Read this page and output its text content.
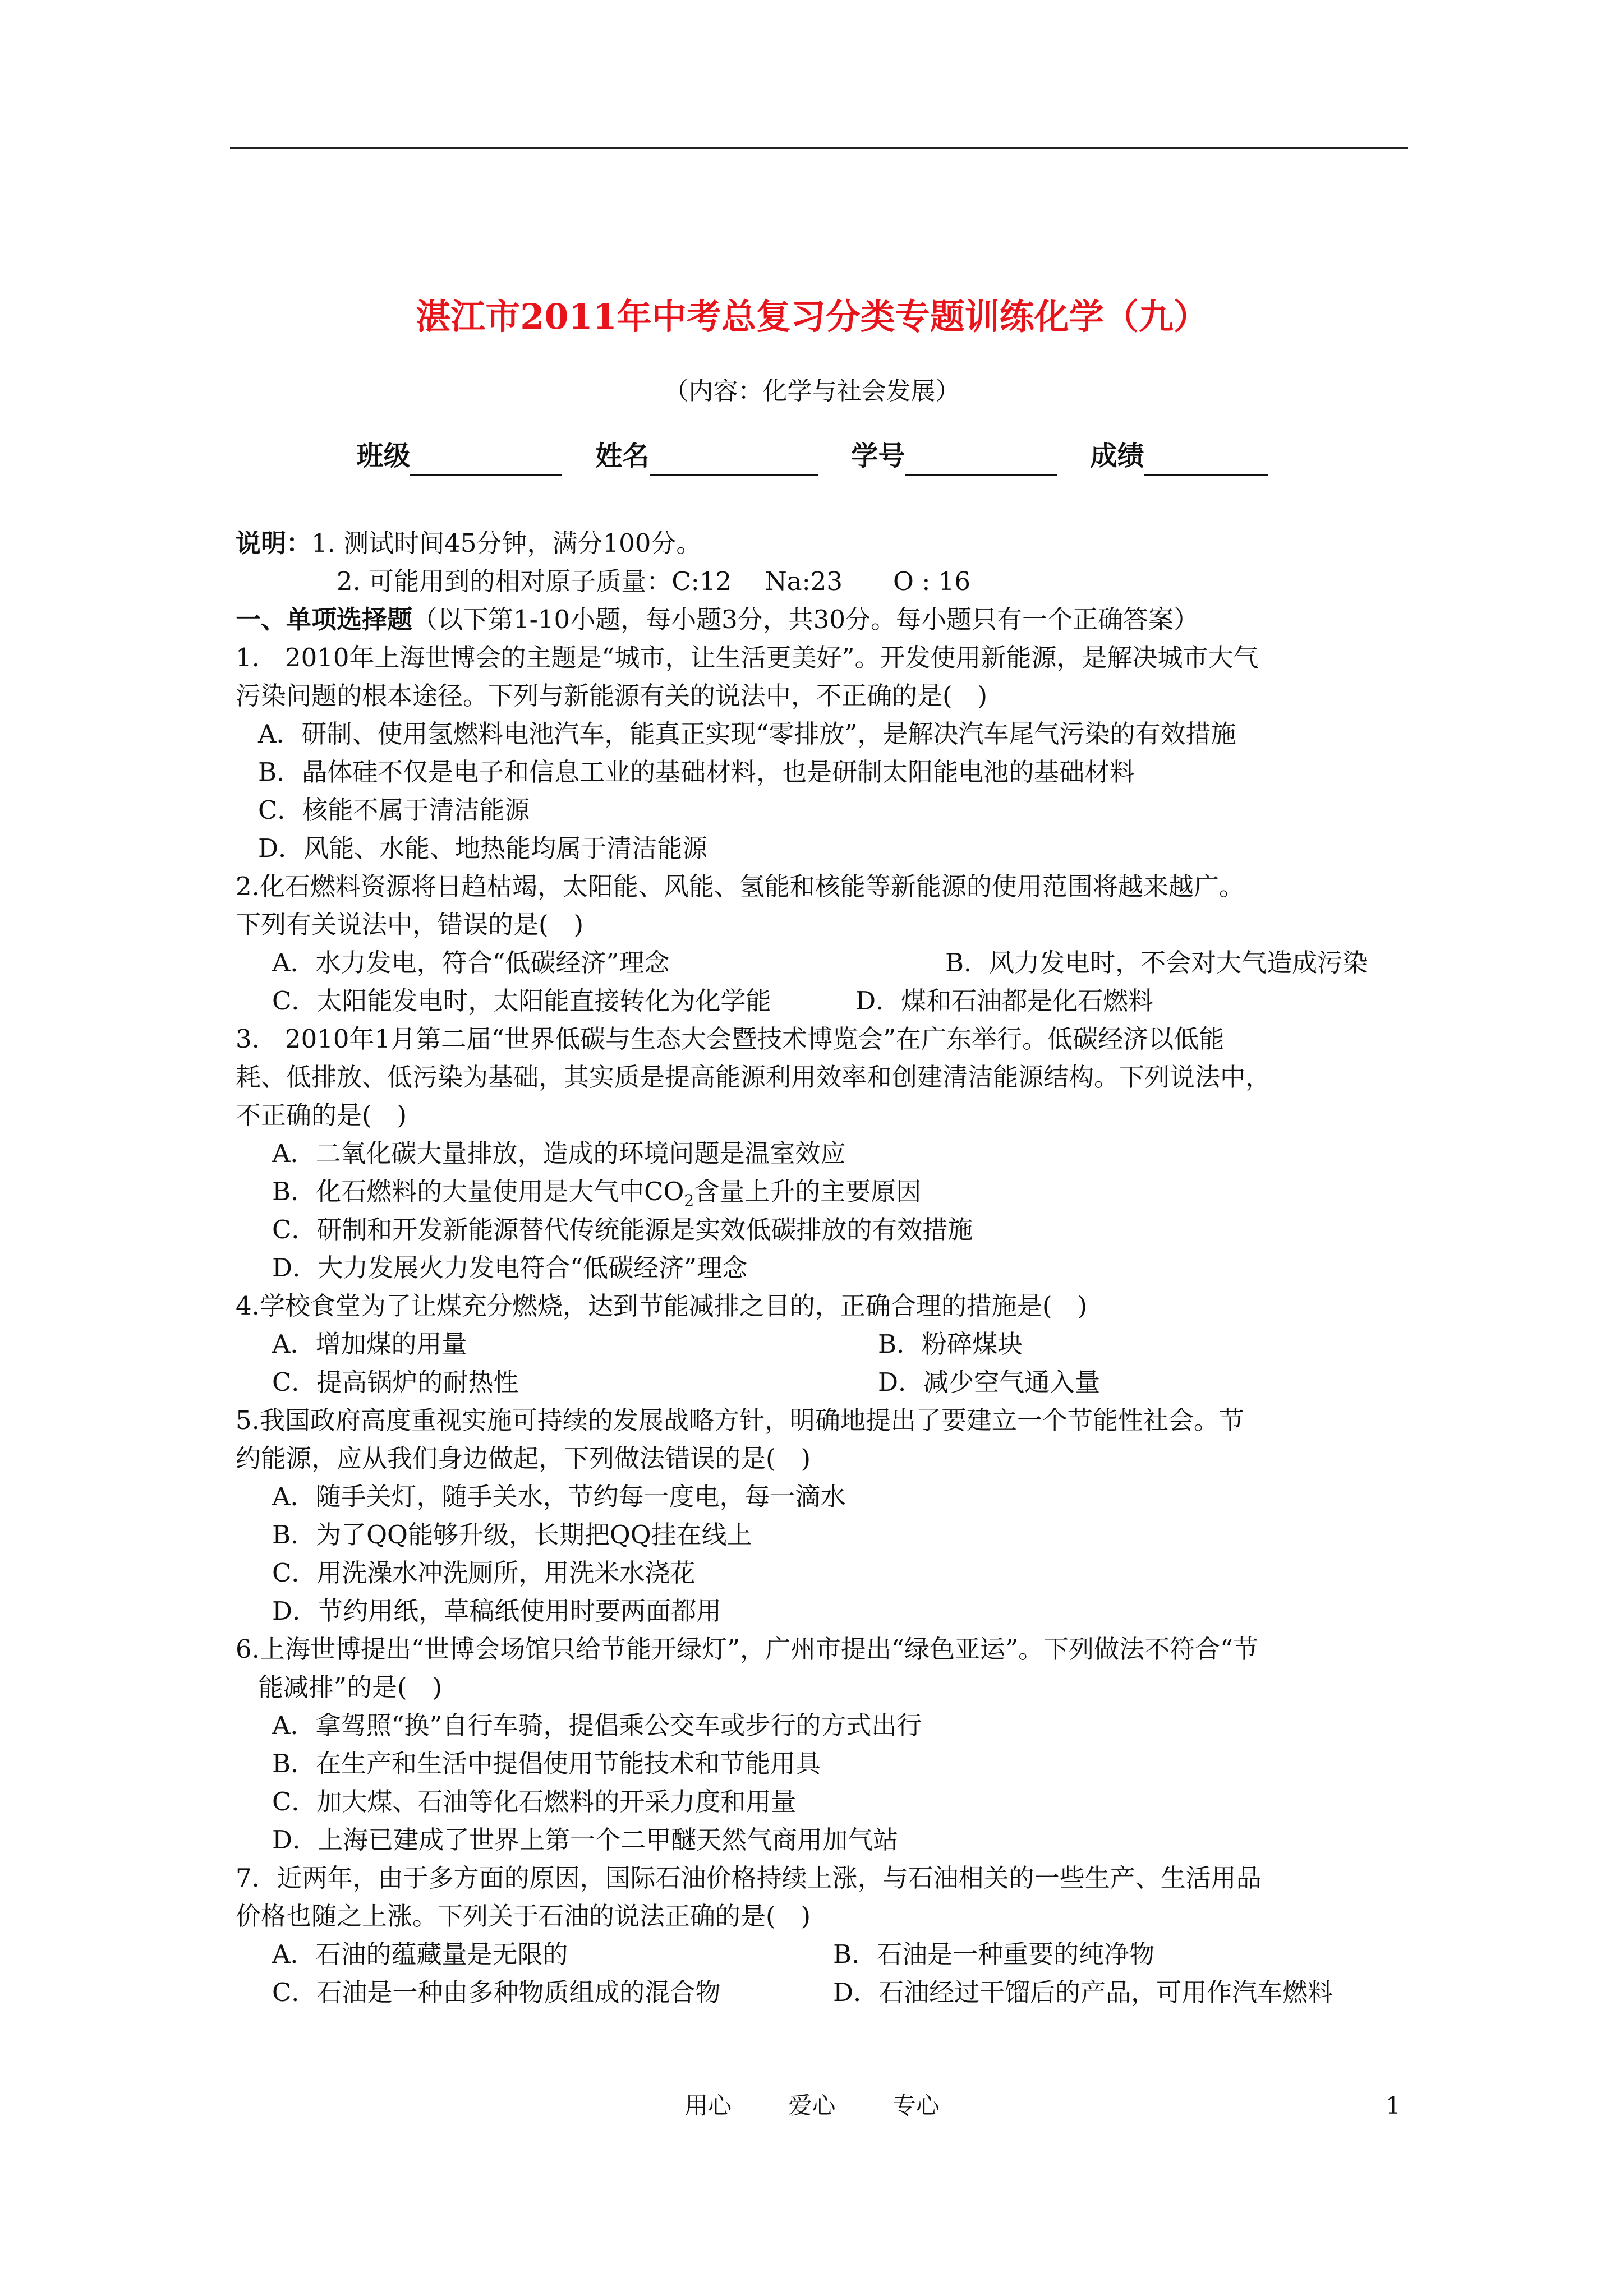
湛江市2011年中考总复习分类专题训练化学（九）
（内容：化学与社会发展）
班级	姓名	学号	成绩
说明：1. 测试时间45分钟，满分100分。
2. 可能用到的相对原子质量：C:12　 Na:23　　O : 16
一、单项选择题（以下第1-10小题，每小题3分，共30分。每小题只有一个正确答案）
1.　2010年上海世博会的主题是“城市，让生活更美好”。开发使用新能源，是解决城市大气
污染问题的根本途径。下列与新能源有关的说法中，不正确的是(　)
A．研制、使用氢燃料电池汽车，能真正实现“零排放”，是解决汽车尾气污染的有效措施
B．晶体硅不仅是电子和信息工业的基础材料，也是研制太阳能电池的基础材料
C．核能不属于清洁能源
D．风能、水能、地热能均属于清洁能源
2.化石燃料资源将日趋枯竭，太阳能、风能、氢能和核能等新能源的使用范围将越来越广。
下列有关说法中，错误的是(　)
A．水力发电，符合“低碳经济”理念	B．风力发电时，不会对大气造成污染
C．太阳能发电时，太阳能直接转化为化学能	D．煤和石油都是化石燃料
3.　2010年1月第二届“世界低碳与生态大会暨技术博览会”在广东举行。低碳经济以低能
耗、低排放、低污染为基础，其实质是提高能源利用效率和创建清洁能源结构。下列说法中，
不正确的是(　)
A．二氧化碳大量排放，造成的环境问题是温室效应
B．化石燃料的大量使用是大气中$CO_2$含量上升的主要原因
C．研制和开发新能源替代传统能源是实效低碳排放的有效措施
D．大力发展火力发电符合“低碳经济”理念
4.学校食堂为了让煤充分燃烧，达到节能减排之目的，正确合理的措施是(　)
A．增加煤的用量	B．粉碎煤块
C．提高锅炉的耐热性	D．减少空气通入量
5.我国政府高度重视实施可持续的发展战略方针，明确地提出了要建立一个节能性社会。节
约能源，应从我们身边做起，下列做法错误的是(　)
A．随手关灯，随手关水，节约每一度电，每一滴水
B．为了QQ能够升级，长期把QQ挂在线上
C．用洗澡水冲洗厕所，用洗米水浇花
D．节约用纸，草稿纸使用时要两面都用
6.上海世博提出“世博会场馆只给节能开绿灯”，广州市提出“绿色亚运”。下列做法不符合“节
能减排”的是(　)
A．拿驾照“换”自行车骑，提倡乘公交车或步行的方式出行
B．在生产和生活中提倡使用节能技术和节能用具
C．加大煤、石油等化石燃料的开采力度和用量
D．上海已建成了世界上第一个二甲醚天然气商用加气站
7．近两年，由于多方面的原因，国际石油价格持续上涨，与石油相关的一些生产、生活用品
价格也随之上涨。下列关于石油的说法正确的是(　)
A．石油的蕴藏量是无限的	B．石油是一种重要的纯净物
C．石油是一种由多种物质组成的混合物	D．石油经过干馏后的产品，可用作汽车燃料
用心 爱心 专心	1
